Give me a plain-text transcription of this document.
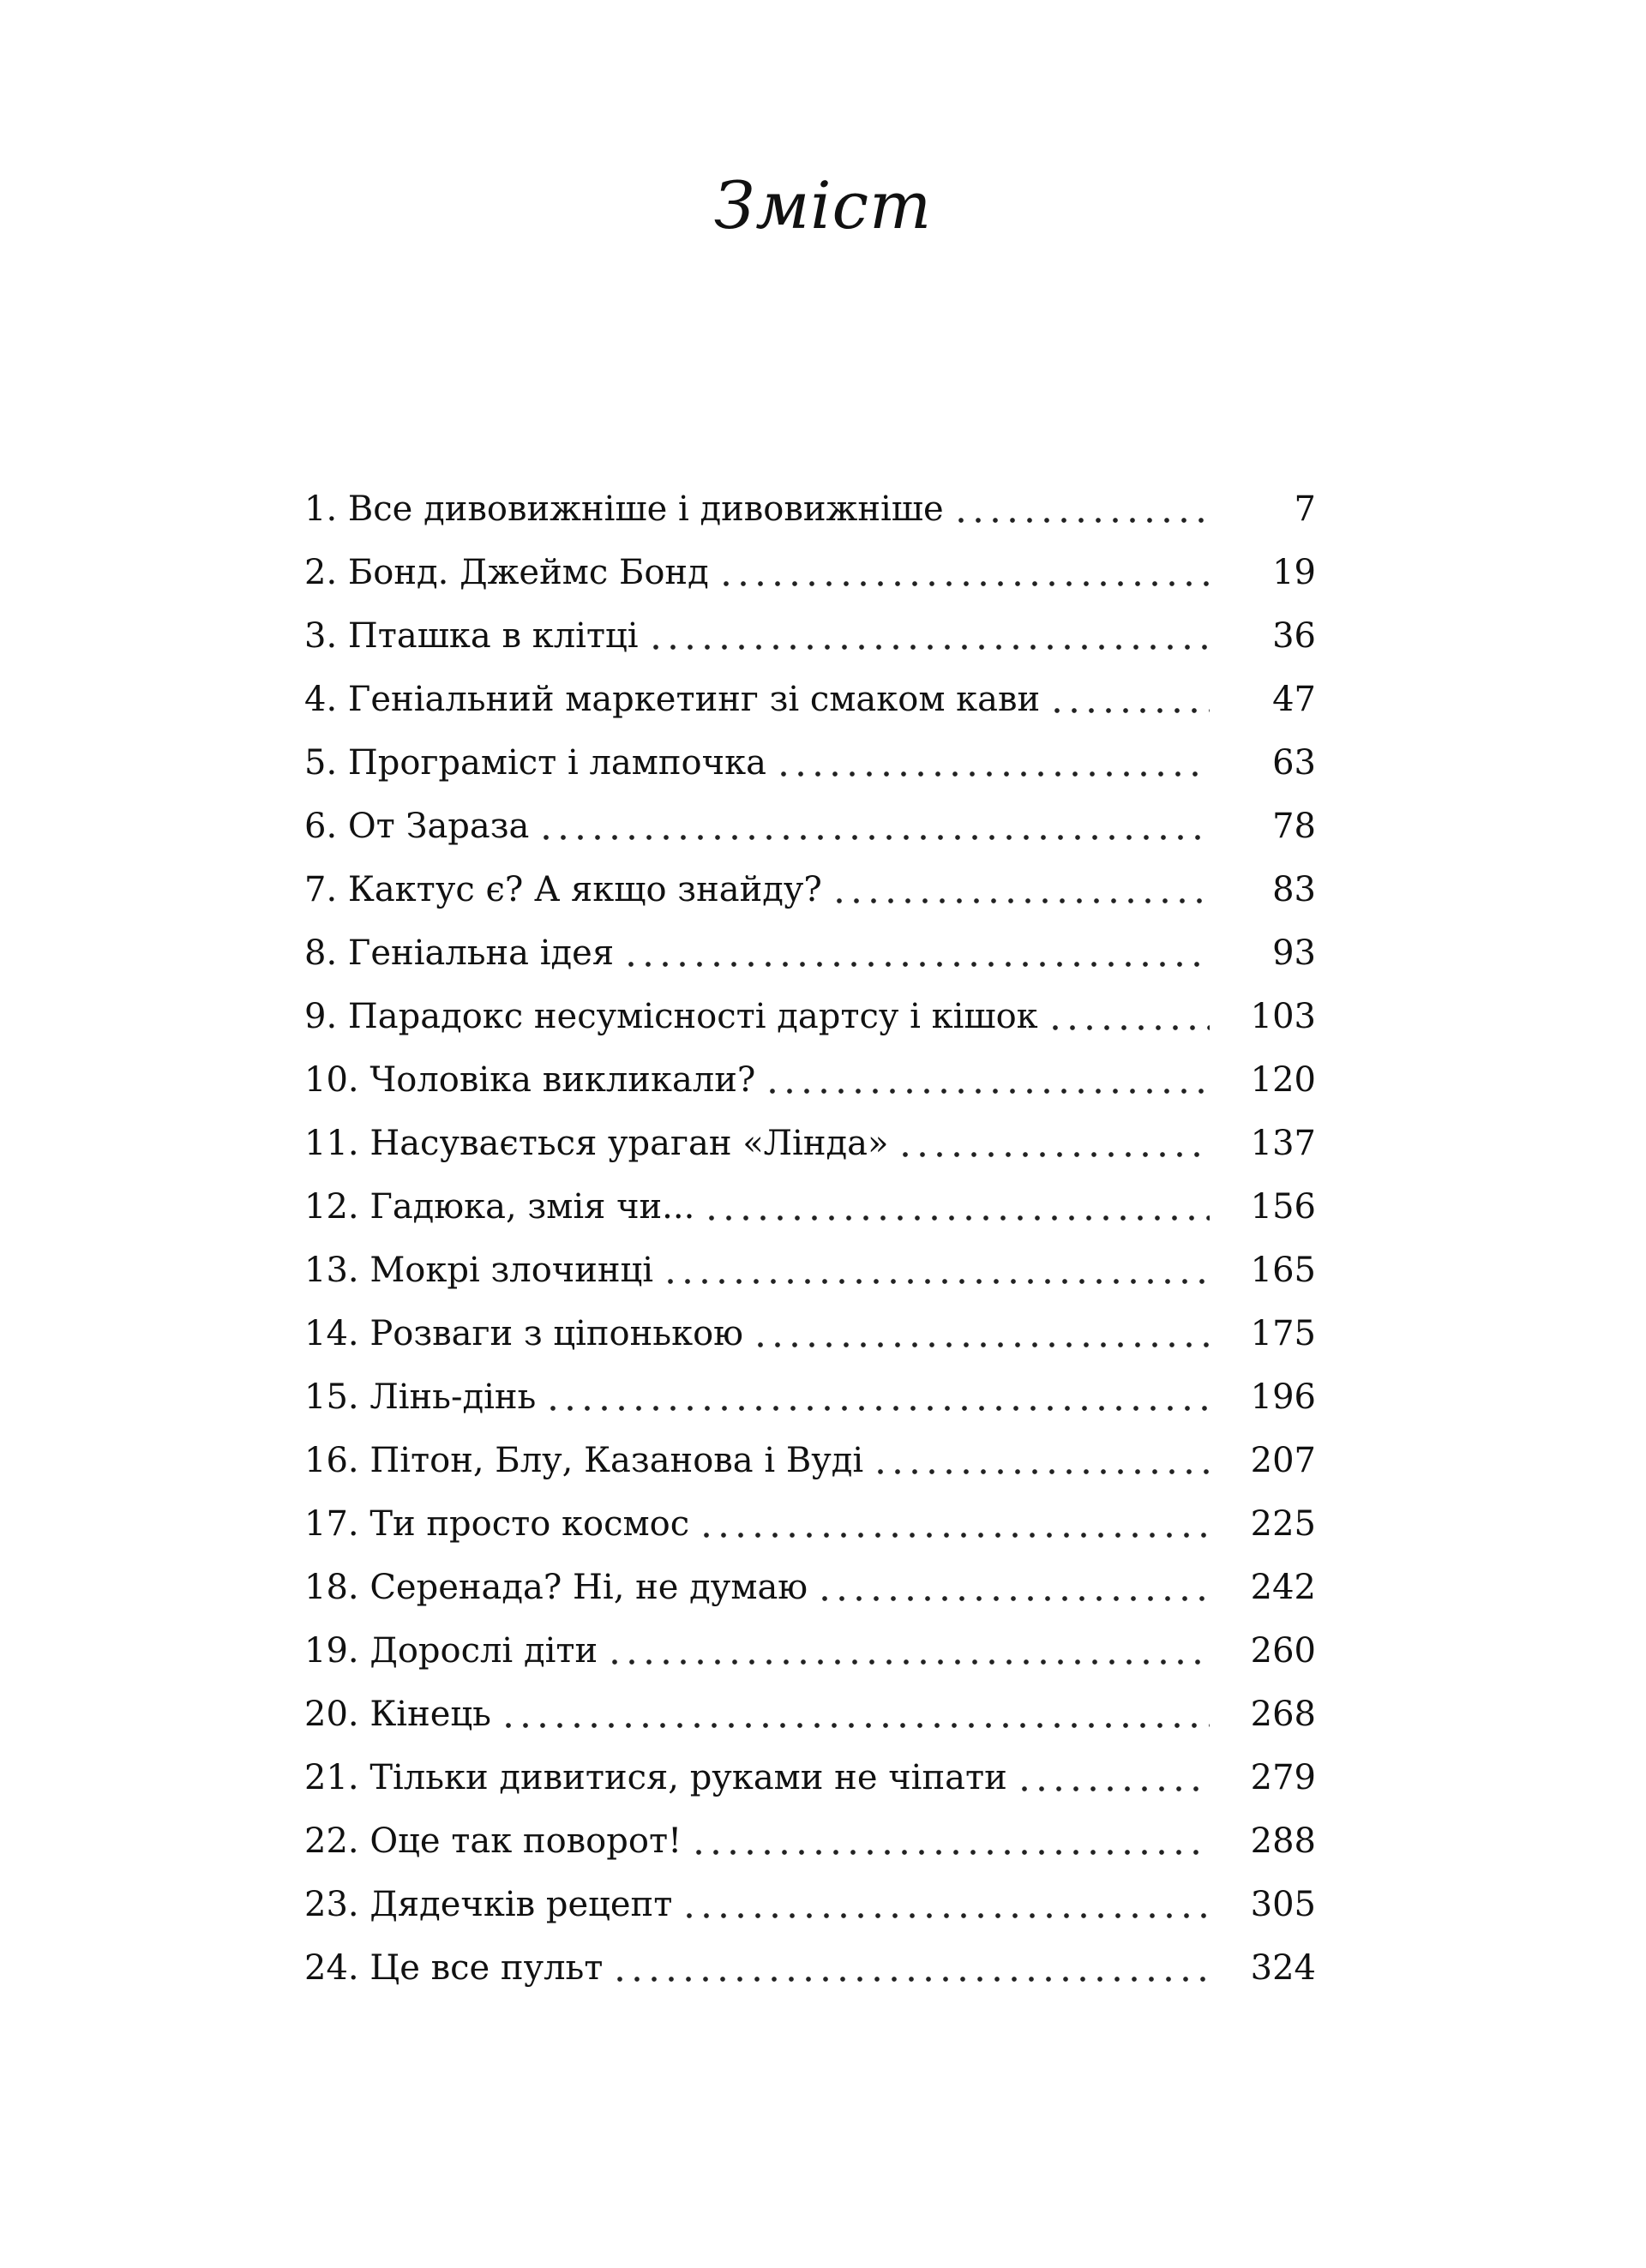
Зміст
1. Все дивовижніше і дивовижніше	7
2. Бонд. Джеймс Бонд	19
3. Пташка в клітці	36
4. Геніальний маркетинг зі смаком кави	47
5. Програміст і лампочка	63
6. От Зараза	78
7. Кактус є? А якщо знайду?	83
8. Геніальна ідея	93
9. Парадокс несумісності дартсу і кішок	103
10. Чоловіка викликали?	120
11. Насувається ураган «Лінда»	137
12. Гадюка, змія чи...	156
13. Мокрі злочинці	165
14. Розваги з ціпонькою	175
15. Лінь-дінь	196
16. Пітон, Блу, Казанова і Вуді	207
17. Ти просто космос	225
18. Серенада? Ні, не думаю	242
19. Дорослі діти	260
20. Кінець	268
21. Тільки дивитися, руками не чіпати	279
22. Оце так поворот!	288
23. Дядечків рецепт	305
24. Це все пульт	324
